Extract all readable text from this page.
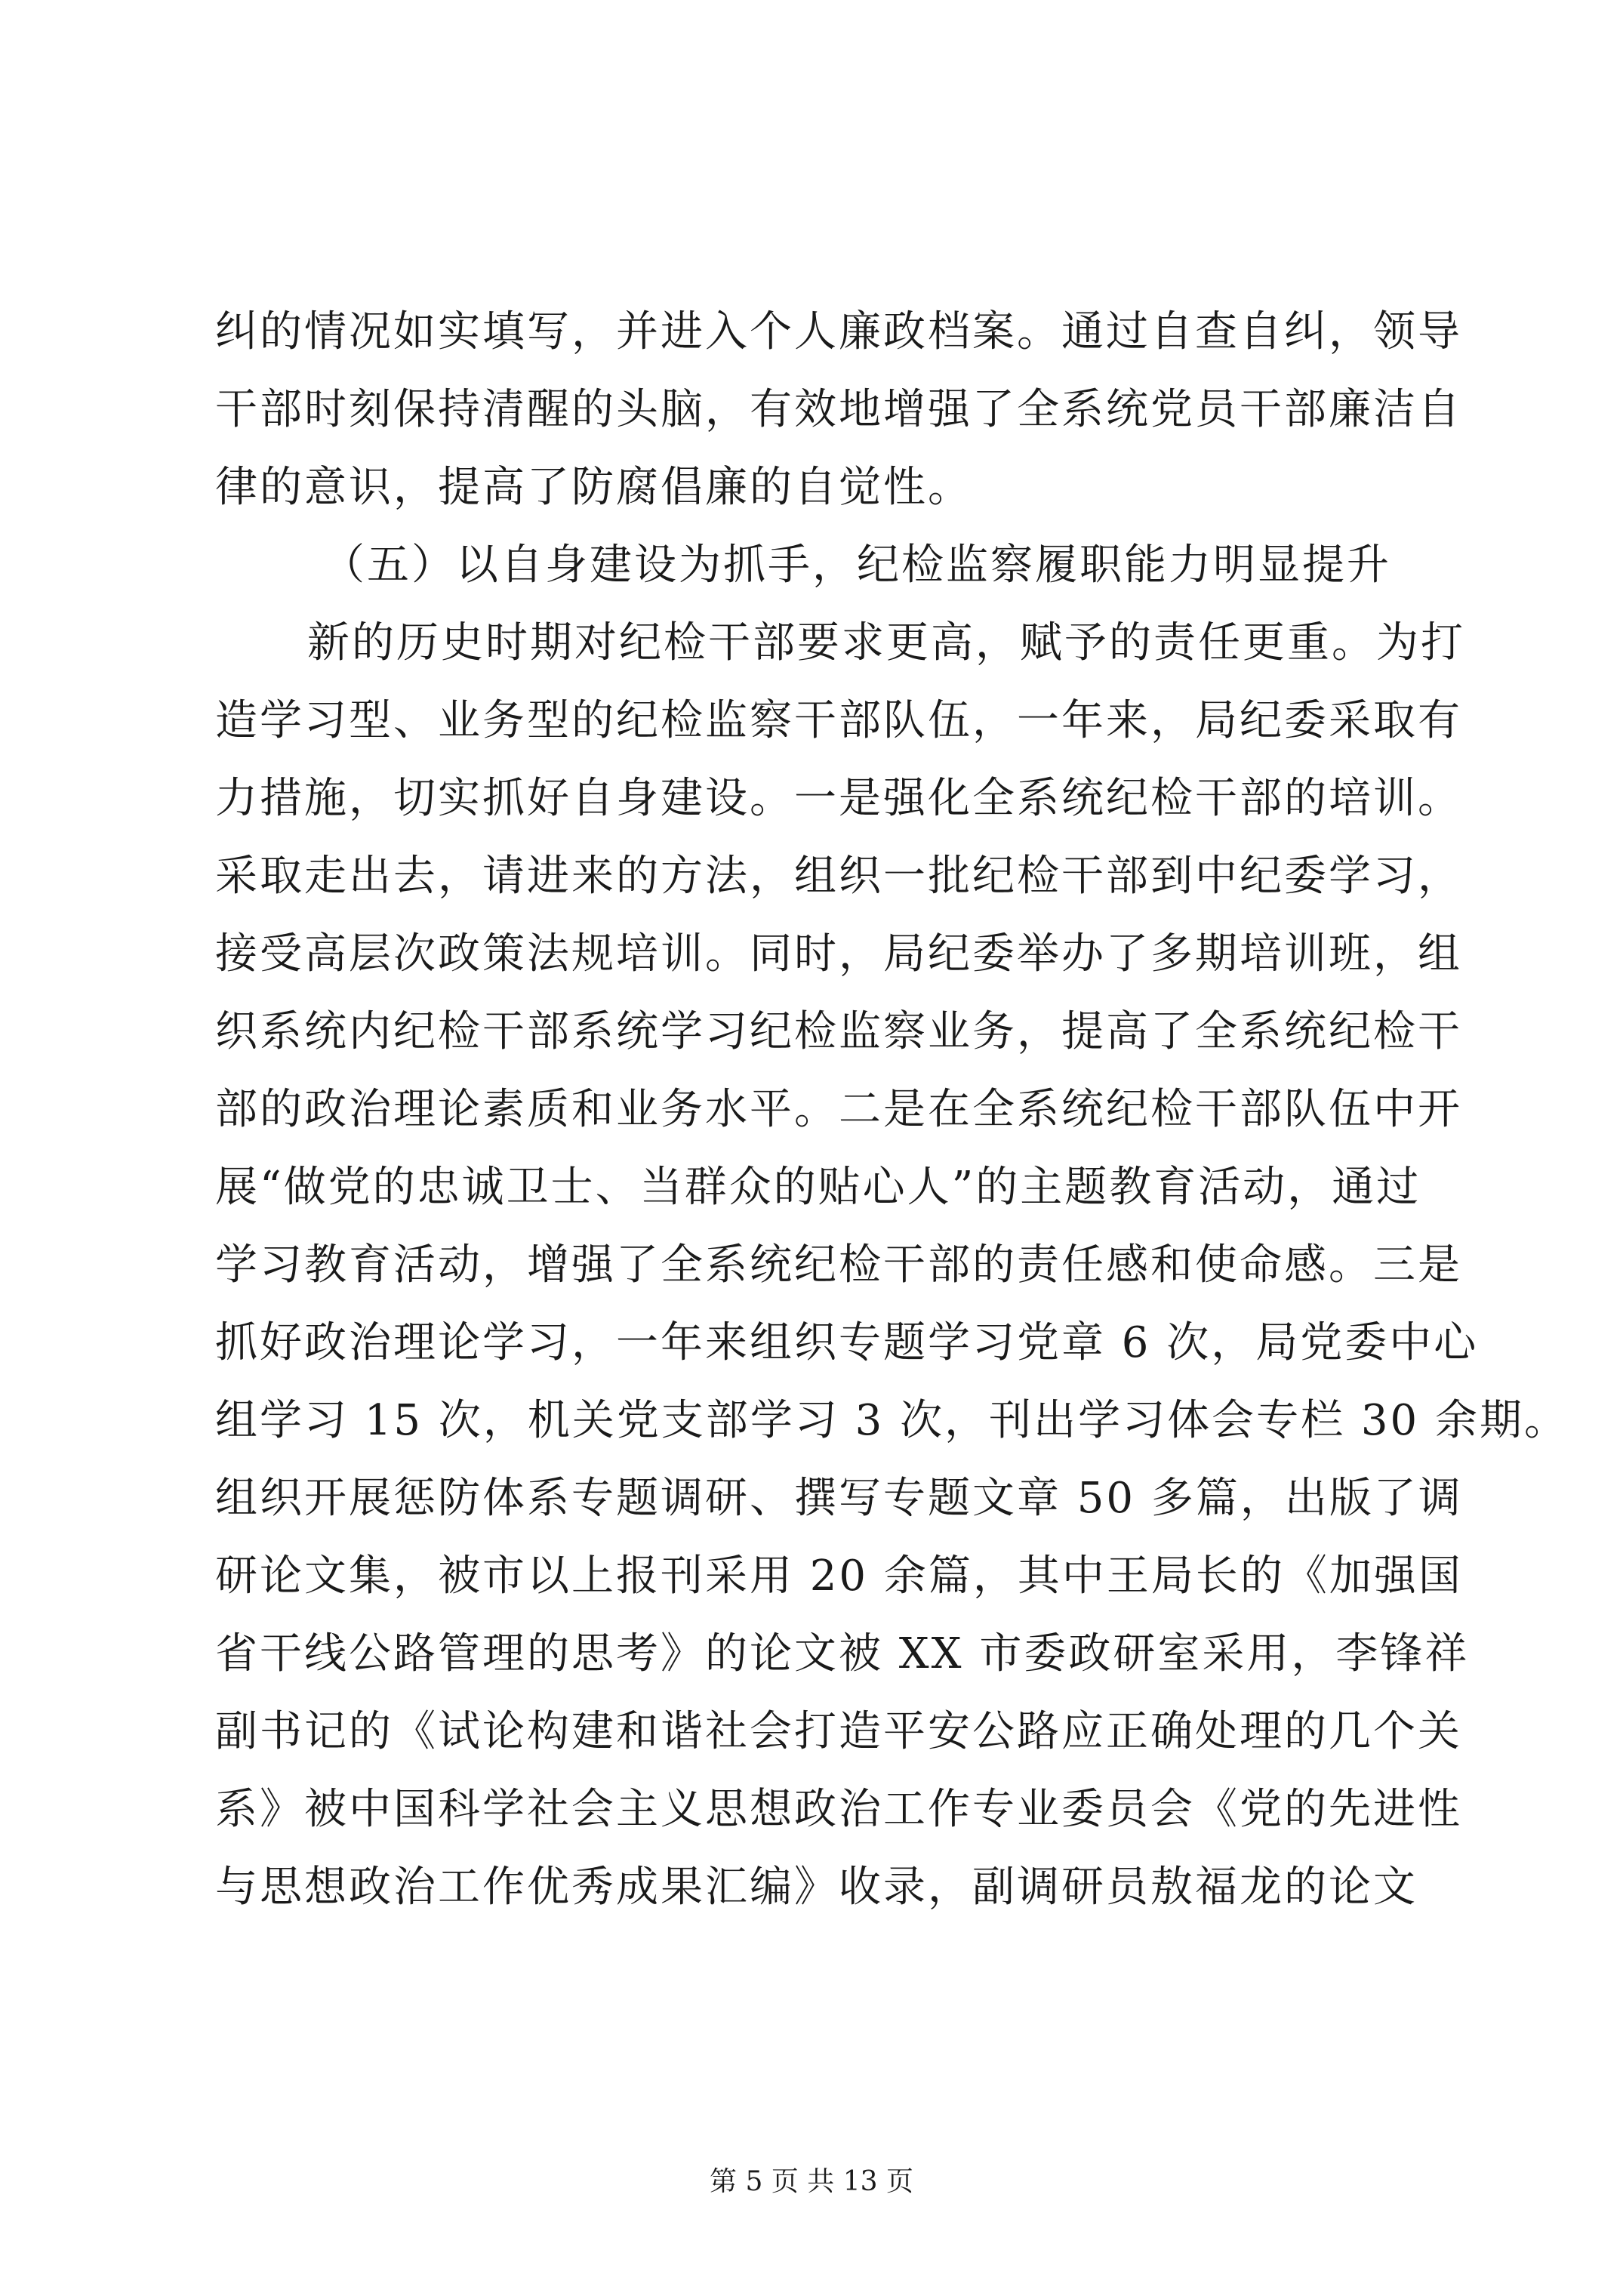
纠的情况如实填写，并进入个人廉政档案。通过自查自纠，领导
干部时刻保持清醒的头脑，有效地增强了全系统党员干部廉洁自
律的意识，提高了防腐倡廉的自觉性。
（五）以自身建设为抓手，纪检监察履职能力明显提升
新的历史时期对纪检干部要求更高，赋予的责任更重。为打
造学习型、业务型的纪检监察干部队伍，一年来，局纪委采取有
力措施，切实抓好自身建设。一是强化全系统纪检干部的培训。
采取走出去，请进来的方法，组织一批纪检干部到中纪委学习，
接受高层次政策法规培训。同时，局纪委举办了多期培训班，组
织系统内纪检干部系统学习纪检监察业务，提高了全系统纪检干
部的政治理论素质和业务水平。二是在全系统纪检干部队伍中开
展“做党的忠诚卫士、当群众的贴心人”的主题教育活动，通过
学习教育活动，增强了全系统纪检干部的责任感和使命感。三是
抓好政治理论学习，一年来组织专题学习党章 6 次，局党委中心
组学习 15 次，机关党支部学习 3 次，刊出学习体会专栏 30 余期。
组织开展惩防体系专题调研、撰写专题文章 50 多篇，出版了调
研论文集，被市以上报刊采用 20 余篇，其中王局长的《加强国
省干线公路管理的思考》的论文被 XX 市委政研室采用，李锋祥
副书记的《试论构建和谐社会打造平安公路应正确处理的几个关
系》被中国科学社会主义思想政治工作专业委员会《党的先进性
与思想政治工作优秀成果汇编》收录，副调研员敖福龙的论文
第 5 页 共 13 页
